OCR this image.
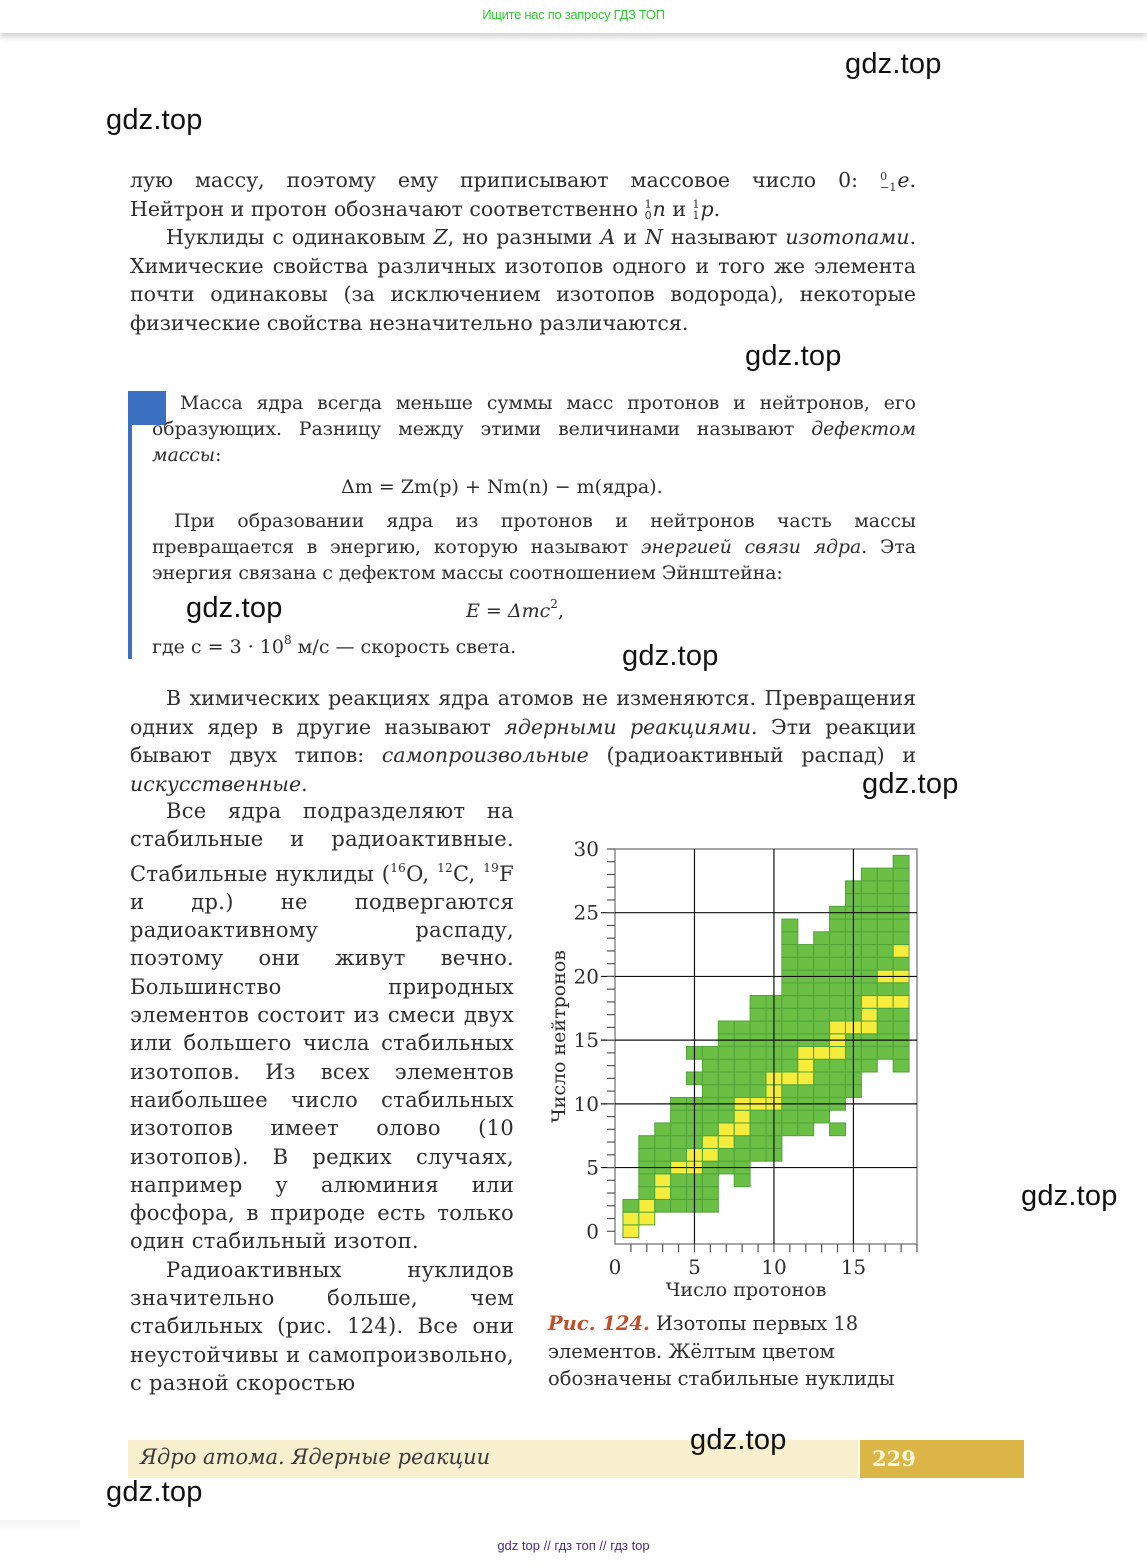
Ищите нас по запросу ГДЗ ТОП
gdz.top
gdz.top
gdz.top
gdz.top
gdz.top
gdz.top
gdz.top
gdz.top
gdz.top

лую массу, поэтому ему приписывают массовое число 0: 0
−1 e.

Нейтрон и протон обозначают соответственно 1
0 n и 1
1 p.

Нуклиды с одинаковым Z, но разными A и N называют изотопами. Химические свойства различных изотопов одного и того же элемента почти одинаковы (за исключением изотопов водорода), некоторые физические свойства незначительно различаются.

Масса ядра всегда меньше суммы масс протонов и нейтронов, его образующих. Разницу между этими величинами называют дефектом массы:
Δm = Zm(p) + Nm(n) − m(ядра).
При образовании ядра из протонов и нейтронов часть массы превращается в энергию, которую называют энергией связи ядра. Эта энергия связана с дефектом массы соотношением Эйнштейна:
E = Δmc$^2$,
где $c = 3 \cdot 10^8$ м/с — скорость света.

В химических реакциях ядра атомов не изменяются. Превращения одних ядер в другие называют ядерными реакциями. Эти реакции бывают двух типов: самопроизвольные (радиоактивный распад) и искусственные.

Все ядра подразделяют на стабильные и радиоактивные. Стабильные нуклиды ($^{16}$O, $^{12}$C, $^{19}$F и др.) не подвергаются радиоактивному распаду, поэтому они живут вечно. Большинство природных элементов состоит из смеси двух или большего числа стабильных изотопов. Из всех элементов наибольшее число стабильных изотопов имеет олово (10 изотопов). В редких случаях, например у алюминия или фосфора, в природе есть только один стабильный изотоп.

Радиоактивных нуклидов значительно больше, чем стабильных (рис. 124). Все они неустойчивы и самопроизвольно, с разной скоростью

0	5	10	15
0
5
10
15
20
25
30
Число протонов
Число нейтронов
Рис. 124. Изотопы первых 18 элементов. Жёлтым цветом обозначены стабильные нуклиды
Ядро атома. Ядерные реакции	229
gdz top // гдз топ // гдз top
